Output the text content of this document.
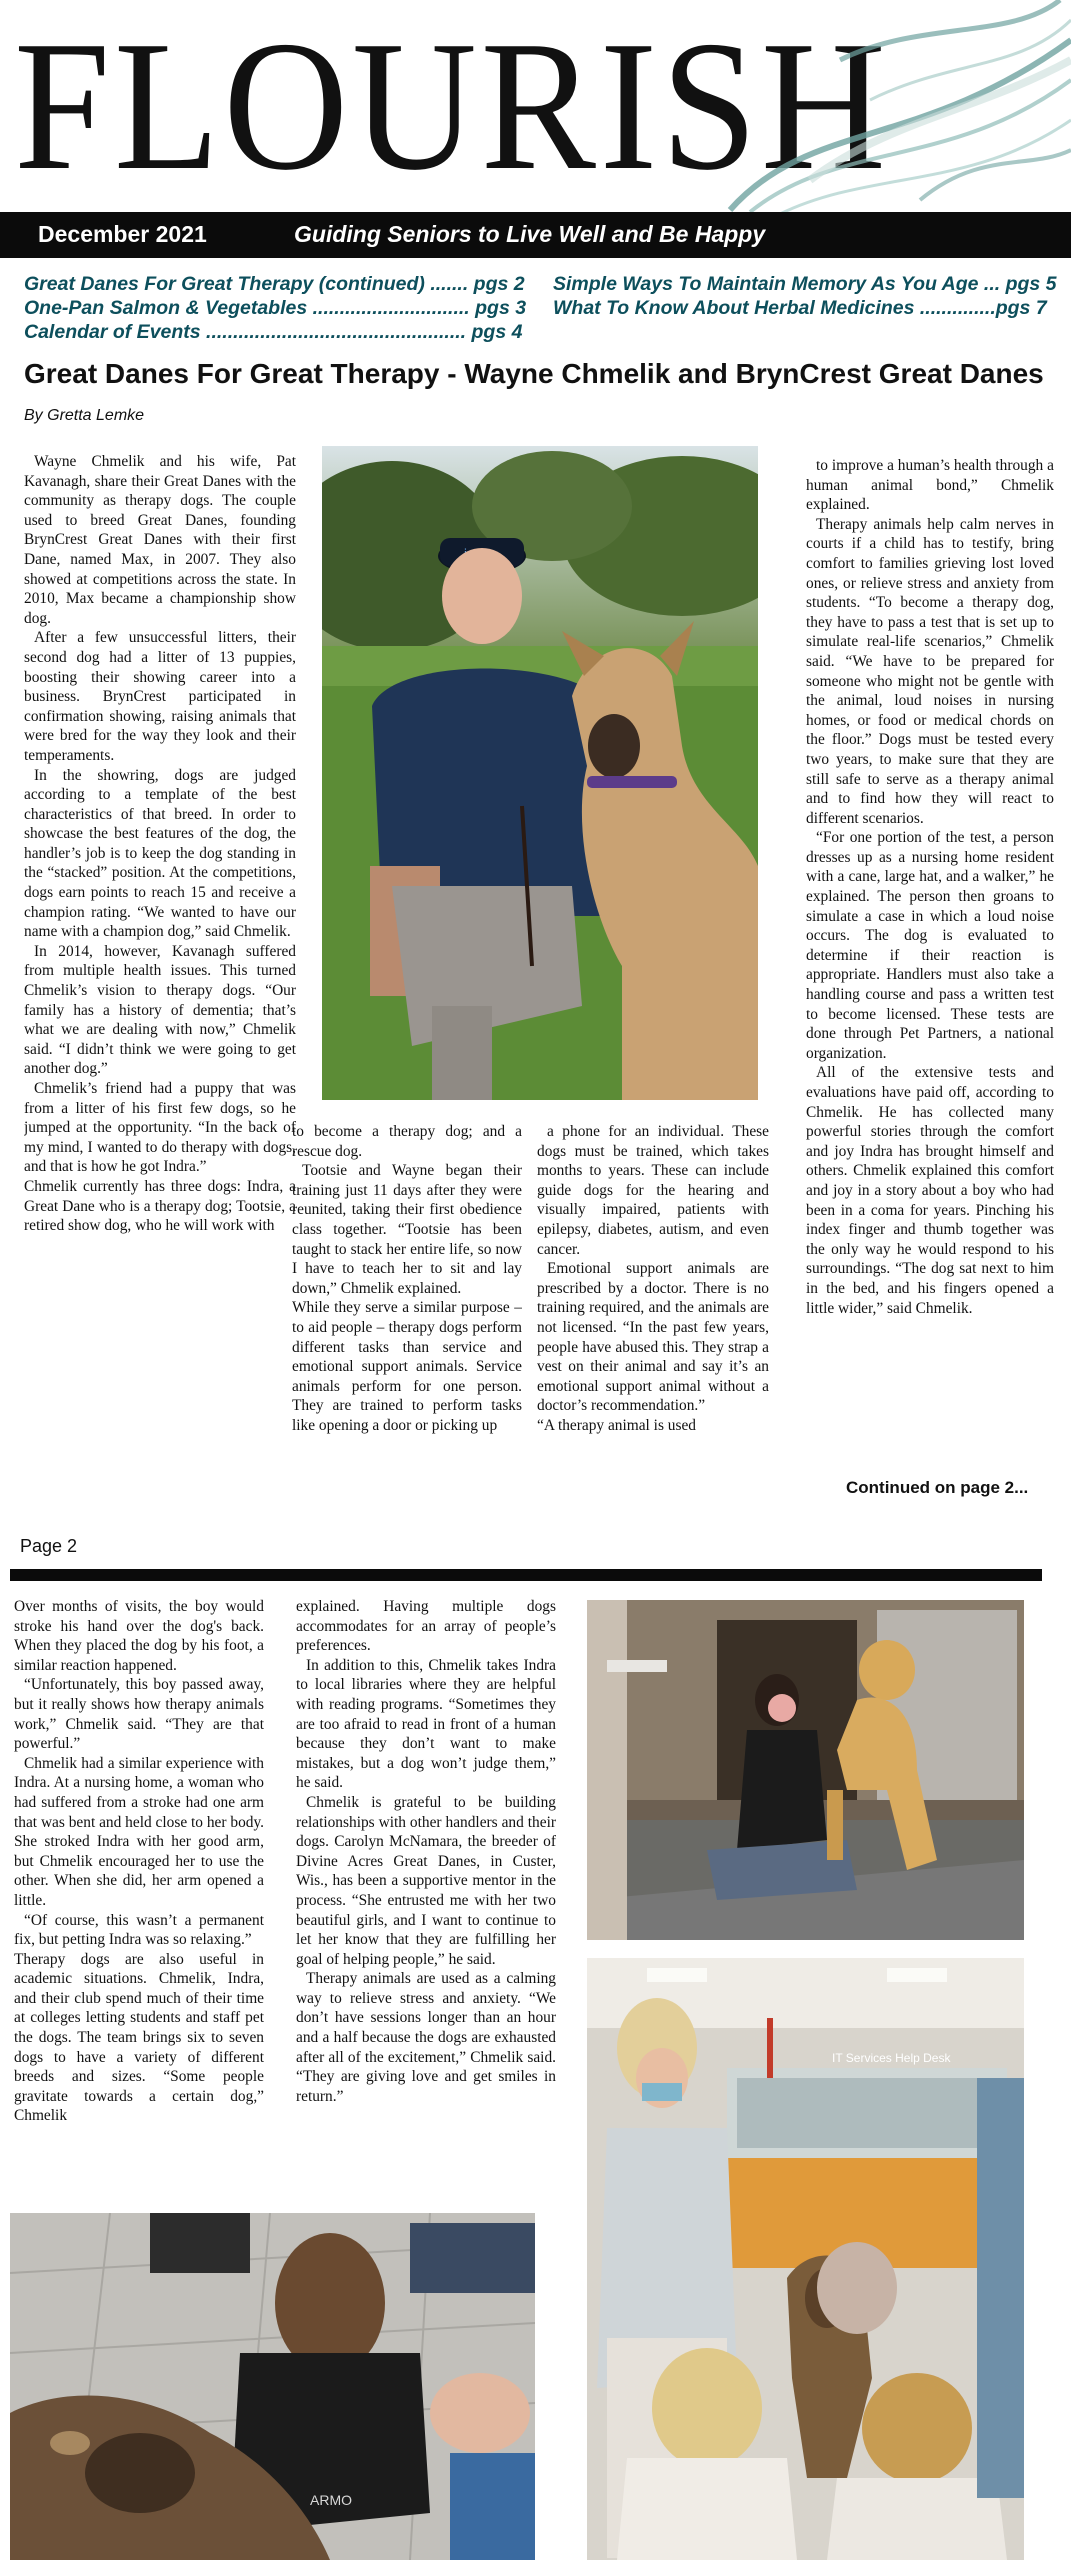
FLOURISH
December 2021	Guiding Seniors to Live Well and Be Happy
Great Danes For Great Therapy (continued) ....... pgs 2
One-Pan Salmon & Vegetables ............................. pgs 3
Calendar of Events ................................................ pgs 4
Simple Ways To Maintain Memory As You Age ... pgs 5
What To Know About Herbal Medicines ..............pgs 7
Great Danes For Great Therapy - Wayne Chmelik and BrynCrest Great Danes
By Gretta Lemke

Wayne Chmelik and his wife, Pat Kavanagh, share their Great Danes with the community as therapy dogs. The couple used to breed Great Danes, founding BrynCrest Great Danes with their first Dane, named Max, in 2007. They also showed at competitions across the state. In 2010, Max became a championship show dog.

After a few unsuccessful litters, their second dog had a litter of 13 puppies, boosting their showing career into a business. BrynCrest participated in confirmation showing, raising animals that were bred for the way they look and their temperaments.

In the showring, dogs are judged according to a template of the best characteristics of that breed. In order to showcase the best features of the dog, the handler’s job is to keep the dog standing in the “stacked” position. At the competitions, dogs earn points to reach 15 and receive a champion rating. “We wanted to have our name with a champion dog,” said Chmelik.

In 2014, however, Kavanagh suffered from multiple health issues. This turned Chmelik’s vision to therapy dogs. “Our family has a history of dementia; that’s what we are dealing with now,” Chmelik said. “I didn’t think we were going to get another dog.”

Chmelik’s friend had a puppy that was from a litter of his first few dogs, so he jumped at the opportunity. “In the back of my mind, I wanted to do therapy with dogs, and that is how he got Indra.”

Chmelik currently has three dogs: Indra, a Great Dane who is a therapy dog; Tootsie, a retired show dog, who he will work with

to become a therapy dog; and a rescue dog.

Tootsie and Wayne began their training just 11 days after they were reunited, taking their first obedience class together. “Tootsie has been taught to stack her entire life, so now I have to teach her to sit and lay down,” Chmelik explained.

While they serve a similar purpose – to aid people – therapy dogs perform different tasks than service and emotional support animals. Service animals perform for one person. They are trained to perform tasks like opening a door or picking up

a phone for an individual. These dogs must be trained, which takes months to years. These can include guide dogs for the hearing and visually impaired, patients with epilepsy, diabetes, autism, and even cancer.

Emotional support animals are prescribed by a doctor. There is no training required, and the animals are not licensed. “In the past few years, people have abused this. They strap a vest on their animal and say it’s an emotional support animal without a doctor’s recommendation.”

“A therapy animal is used

to improve a human’s health through a human animal bond,” Chmelik explained.

Therapy animals help calm nerves in courts if a child has to testify, bring comfort to families grieving lost loved ones, or relieve stress and anxiety from students. “To become a therapy dog, they have to pass a test that is set up to simulate real-life scenarios,” Chmelik said. “We have to be prepared for someone who might not be gentle with the animal, loud noises in nursing homes, or food or medical chords on the floor.” Dogs must be tested every two years, to make sure that they are still safe to serve as a therapy animal and to find how they will react to different scenarios.

“For one portion of the test, a person dresses up as a nursing home resident with a cane, large hat, and a walker,” he explained. The person then groans to simulate a case in which a loud noise occurs. The dog is evaluated to determine if their reaction is appropriate. Handlers must also take a handling course and pass a written test to become licensed. These tests are done through Pet Partners, a national organization.

All of the extensive tests and evaluations have paid off, according to Chmelik. He has collected many powerful stories through the comfort and joy Indra has brought himself and others. Chmelik explained this comfort and joy in a story about a boy who had been in a coma for years. Pinching his index finger and thumb together was the only way he would respond to his surroundings. “The dog sat next to him in the bed, and his fingers opened a little wider,” said Chmelik.

Continued on page 2...
Page 2

Over months of visits, the boy would stroke his hand over the dog's back. When they placed the dog by his foot, a similar reaction happened.

“Unfortunately, this boy passed away, but it really shows how therapy animals work,” Chmelik said. “They are that powerful.”

Chmelik had a similar experience with Indra. At a nursing home, a woman who had suffered from a stroke had one arm that was bent and held close to her body. She stroked Indra with her good arm, but Chmelik encouraged her to use the other. When she did, her arm opened a little.

“Of course, this wasn’t a permanent fix, but petting Indra was so relaxing.”

Therapy dogs are also useful in academic situations. Chmelik, Indra, and their club spend much of their time at colleges letting students and staff pet the dogs. The team brings six to seven dogs to have a variety of different breeds and sizes. “Some people gravitate towards a certain dog,” Chmelik

explained. Having multiple dogs accommodates for an array of people’s preferences.

In addition to this, Chmelik takes Indra to local libraries where they are helpful with reading programs. “Sometimes they are too afraid to read in front of a human because they don’t want to make mistakes, but a dog won’t judge them,” he said.

Chmelik is grateful to be building relationships with other handlers and their dogs. Carolyn McNamara, the breeder of Divine Acres Great Danes, in Custer, Wis., has been a supportive mentor in the process. “She entrusted me with her two beautiful girls, and I want to continue to let her know that they are fulfilling her goal of helping people,” he said.

Therapy animals are used as a calming way to relieve stress and anxiety. “We don’t have sessions longer than an hour and a half because the dogs are exhausted after all of the excitement,” Chmelik said. “They are giving love and get smiles in return.”

IT Services Help Desk
ARMO
